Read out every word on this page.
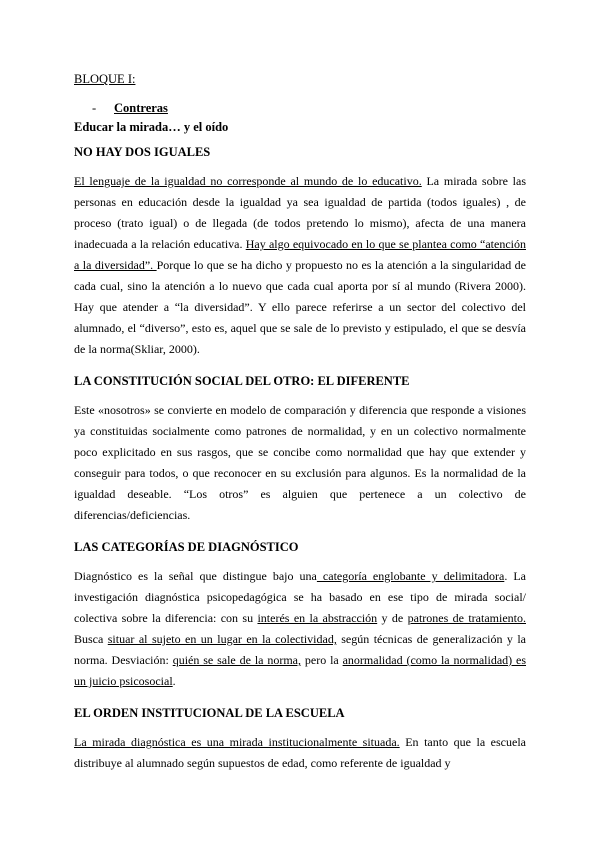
BLOQUE I:
- Contreras
Educar la mirada… y el oído
NO HAY DOS IGUALES

El lenguaje de la igualdad no corresponde al mundo de lo educativo. La mirada sobre las personas en educación desde la igualdad ya sea igualdad de partida (todos iguales) , de proceso (trato igual) o de llegada (de todos pretendo lo mismo), afecta de una manera inadecuada a la relación educativa. Hay algo equivocado en lo que se plantea como “atención a la diversidad”. Porque lo que se ha dicho y propuesto no es la atención a la singularidad de cada cual, sino la atención a lo nuevo que cada cual aporta por sí al mundo (Rivera 2000). Hay que atender a “la diversidad”. Y ello parece referirse a un sector del colectivo del alumnado, el “diverso”, esto es, aquel que se sale de lo previsto y estipulado, el que se desvía de la norma(Skliar, 2000).

LA CONSTITUCIÓN SOCIAL DEL OTRO: EL DIFERENTE

Este «nosotros» se convierte en modelo de comparación y diferencia que responde a visiones ya constituidas socialmente como patrones de normalidad, y en un colectivo normalmente poco explicitado en sus rasgos, que se concibe como normalidad que hay que extender y conseguir para todos, o que reconocer en su exclusión para algunos. Es la normalidad de la igualdad deseable. “Los otros” es alguien que pertenece a un colectivo de diferencias/deficiencias.

LAS CATEGORÍAS DE DIAGNÓSTICO

Diagnóstico es la señal que distingue bajo una categoría englobante y delimitadora. La investigación diagnóstica psicopedagógica se ha basado en ese tipo de mirada social/ colectiva sobre la diferencia: con su interés en la abstracción y de patrones de tratamiento. Busca situar al sujeto en un lugar en la colectividad, según técnicas de generalización y la norma. Desviación: quién se sale de la norma, pero la anormalidad (como la normalidad) es un juicio psicosocial.

EL ORDEN INSTITUCIONAL DE LA ESCUELA

La mirada diagnóstica es una mirada institucionalmente situada. En tanto que la escuela distribuye al alumnado según supuestos de edad, como referente de igualdad y
